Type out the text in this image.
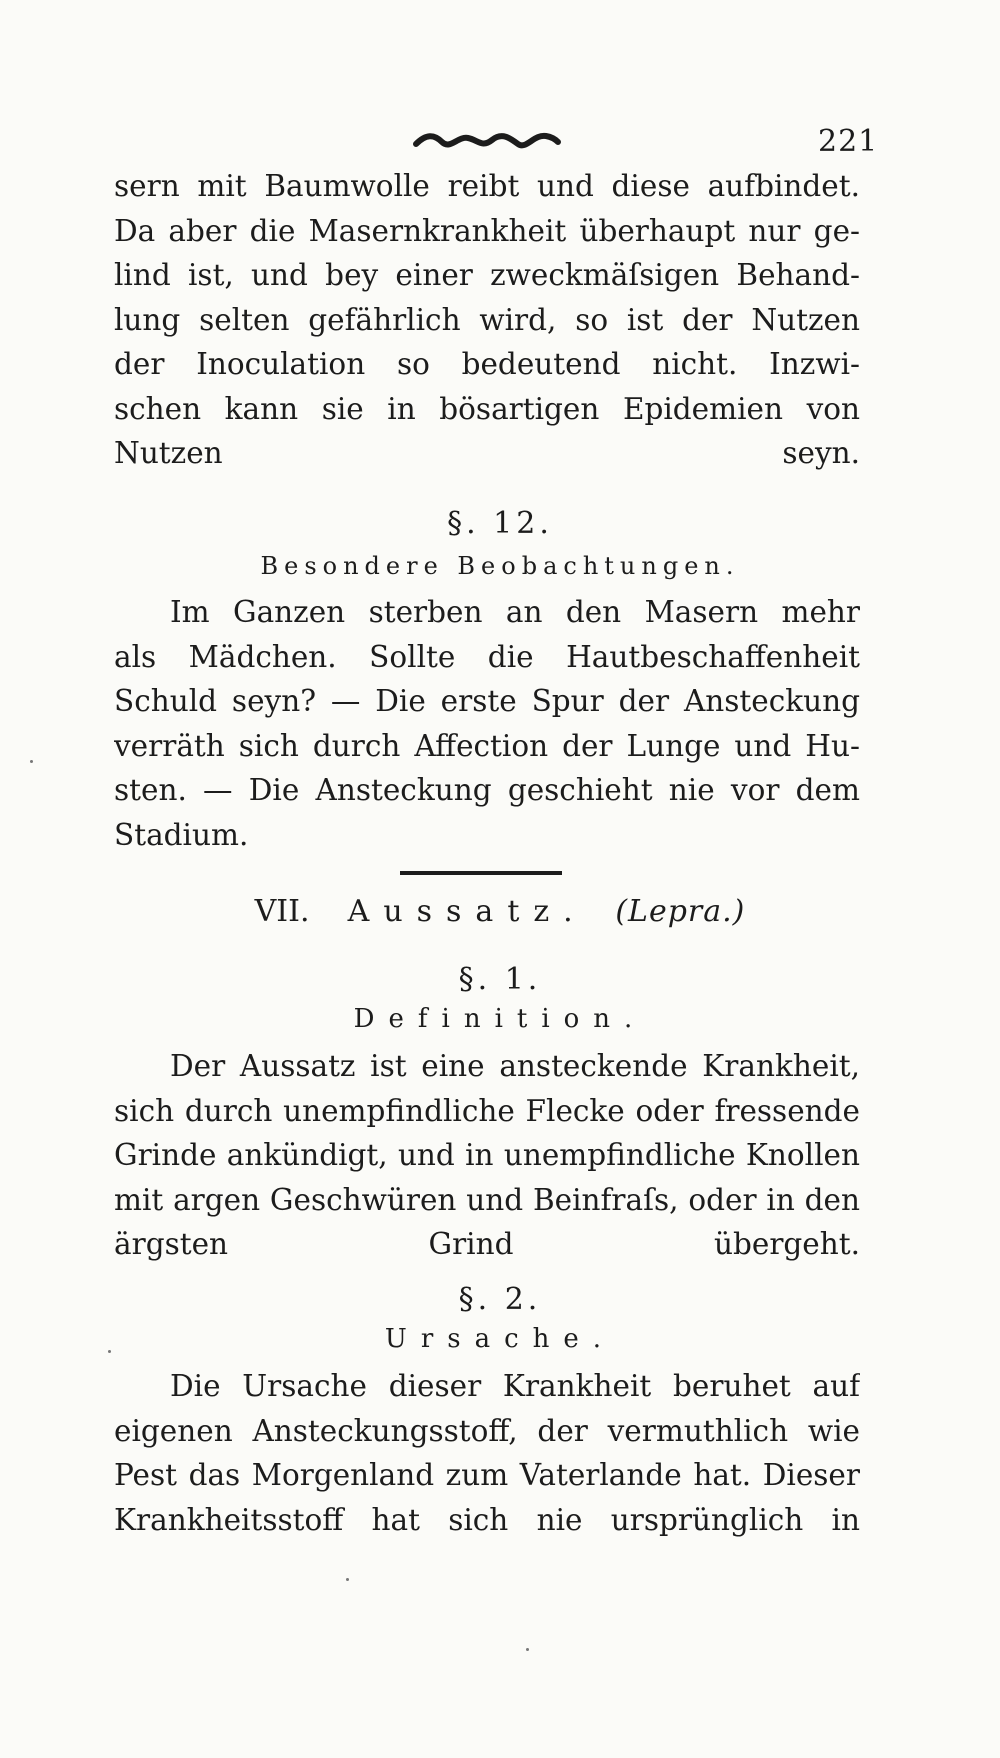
221
sern mit Baumwolle reibt und diese aufbindet.
Da aber die Masernkrankheit überhaupt nur ge-
lind ist, und bey einer zweckmäſsigen Behand-
lung selten gefährlich wird, so ist der Nutzen
der Inoculation so bedeutend nicht. Inzwi-
schen kann sie in bösartigen Epidemien von
Nutzen seyn.
§. 12.
Besondere Beobachtungen.
Im Ganzen sterben an den Masern mehr
als Mädchen. Sollte die Hautbeschaffenheit
Schuld seyn? — Die erste Spur der Ansteckung
verräth sich durch Affection der Lunge und Hu-
sten. — Die Ansteckung geschieht nie vor dem
Stadium.
VII. Aussatz. (Lepra.)
§. 1.
Definition.
Der Aussatz ist eine ansteckende Krankheit,
sich durch unempfindliche Flecke oder fressende
Grinde ankündigt, und in unempfindliche Knollen
mit argen Geschwüren und Beinfraſs, oder in den
ärgsten Grind übergeht.
§. 2.
Ursache.
Die Ursache dieser Krankheit beruhet auf
eigenen Ansteckungsstoff, der vermuthlich wie
Pest das Morgenland zum Vaterlande hat. Dieser
Krankheitsstoff hat sich nie ursprünglich in
